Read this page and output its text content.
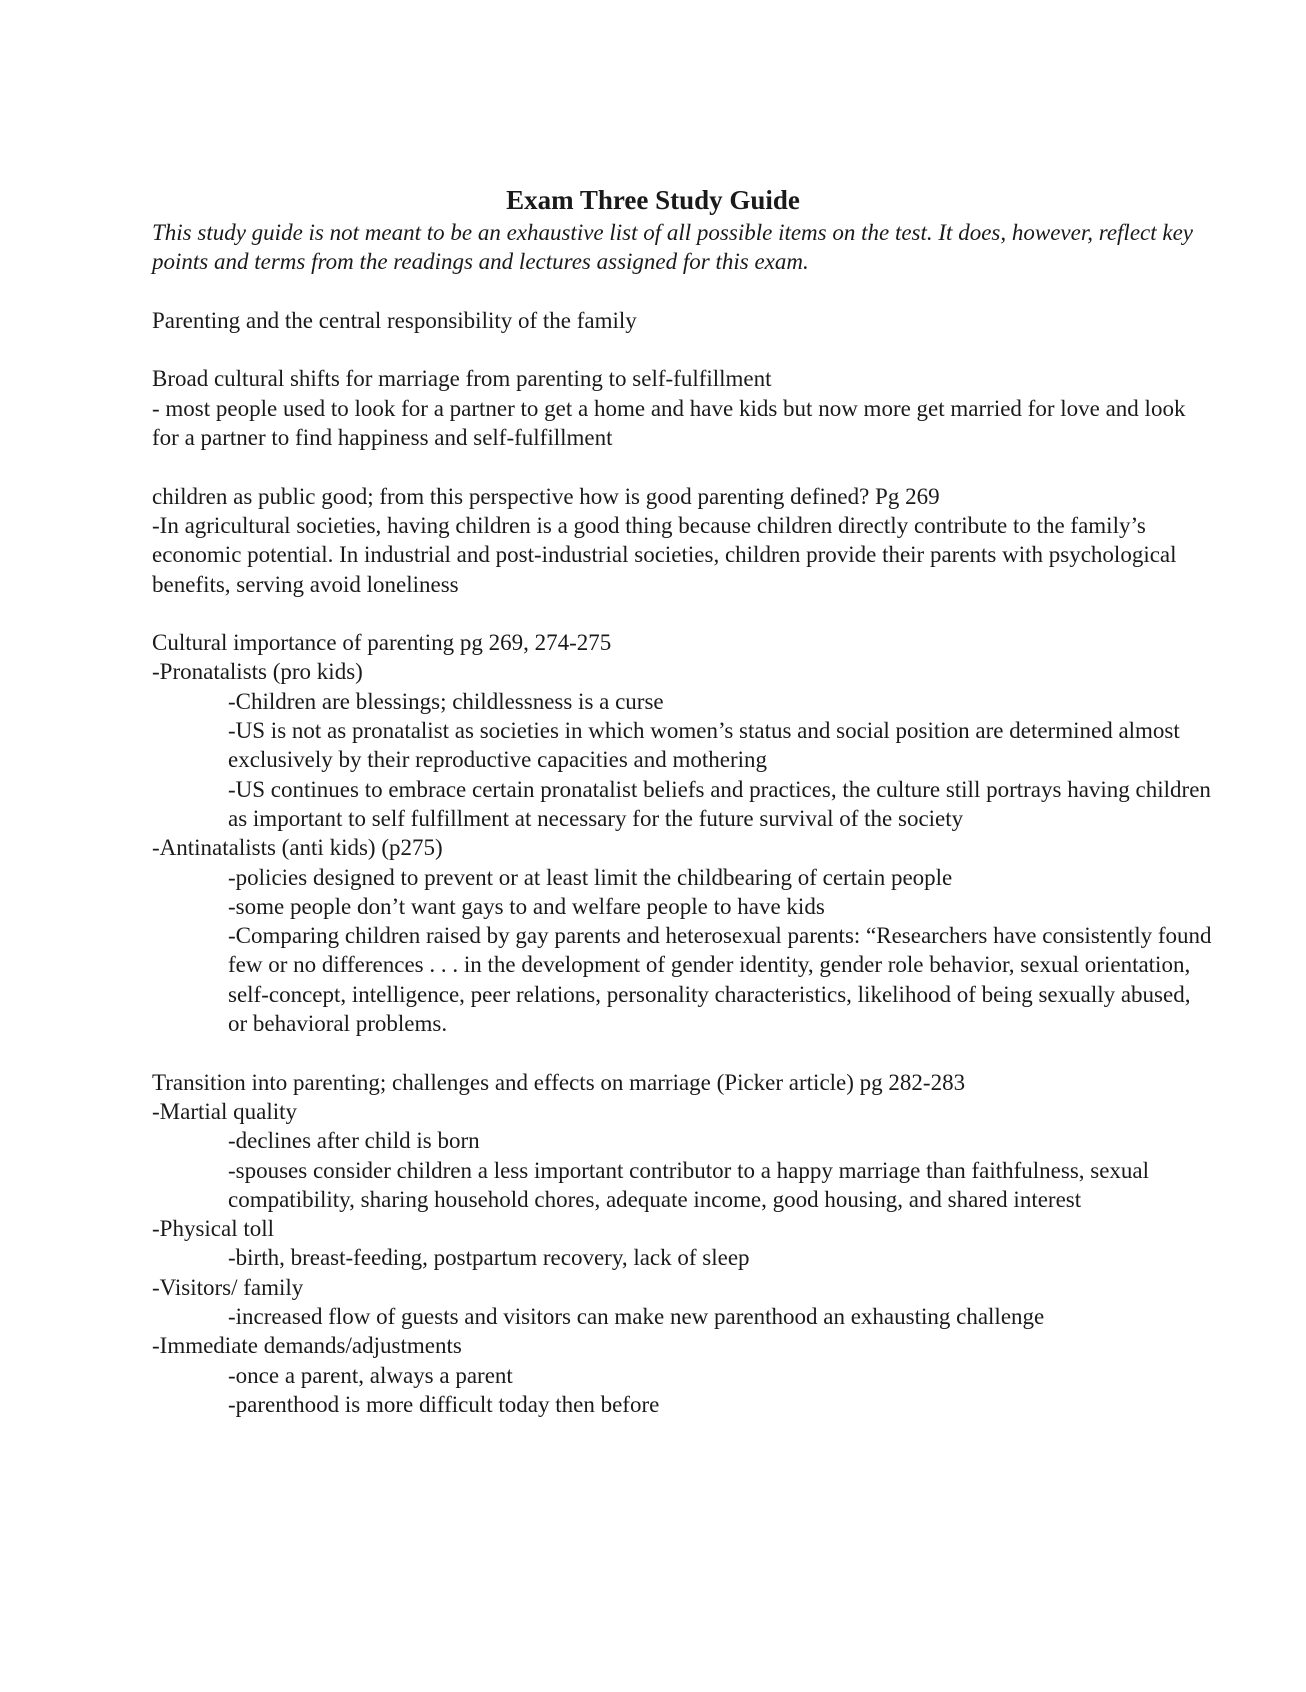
Exam Three Study Guide

This study guide is not meant to be an exhaustive list of all possible items on the test. It does, however, reflect key points and terms from the readings and lectures assigned for this exam.

Parenting and the central responsibility of the family

Broad cultural shifts for marriage from parenting to self-fulfillment

- most people used to look for a partner to get a home and have kids but now more get married for love and look for a partner to find happiness and self-fulfillment

children as public good; from this perspective how is good parenting defined? Pg 269

-In agricultural societies, having children is a good thing because children directly contribute to the family’s economic potential. In industrial and post-industrial societies, children provide their parents with psychological benefits, serving avoid loneliness

Cultural importance of parenting pg 269, 274-275

-Pronatalists (pro kids)

-Children are blessings; childlessness is a curse

-US is not as pronatalist as societies in which women’s status and social position are determined almost exclusively by their reproductive capacities and mothering

-US continues to embrace certain pronatalist beliefs and practices, the culture still portrays having children as important to self fulfillment at necessary for the future survival of the society

-Antinatalists (anti kids) (p275)

-policies designed to prevent or at least limit the childbearing of certain people

-some people don’t want gays to and welfare people to have kids

-Comparing children raised by gay parents and heterosexual parents: “Researchers have consistently found few or no differences . . . in the development of gender identity, gender role behavior, sexual orientation, self-concept, intelligence, peer relations, personality characteristics, likelihood of being sexually abused, or behavioral problems.

Transition into parenting; challenges and effects on marriage (Picker article) pg 282-283

-Martial quality

-declines after child is born

-spouses consider children a less important contributor to a happy marriage than faithfulness, sexual compatibility, sharing household chores, adequate income, good housing, and shared interest

-Physical toll

-birth, breast-feeding, postpartum recovery, lack of sleep

-Visitors/ family

-increased flow of guests and visitors can make new parenthood an exhausting challenge

-Immediate demands/adjustments

-once a parent, always a parent

-parenthood is more difficult today then before
